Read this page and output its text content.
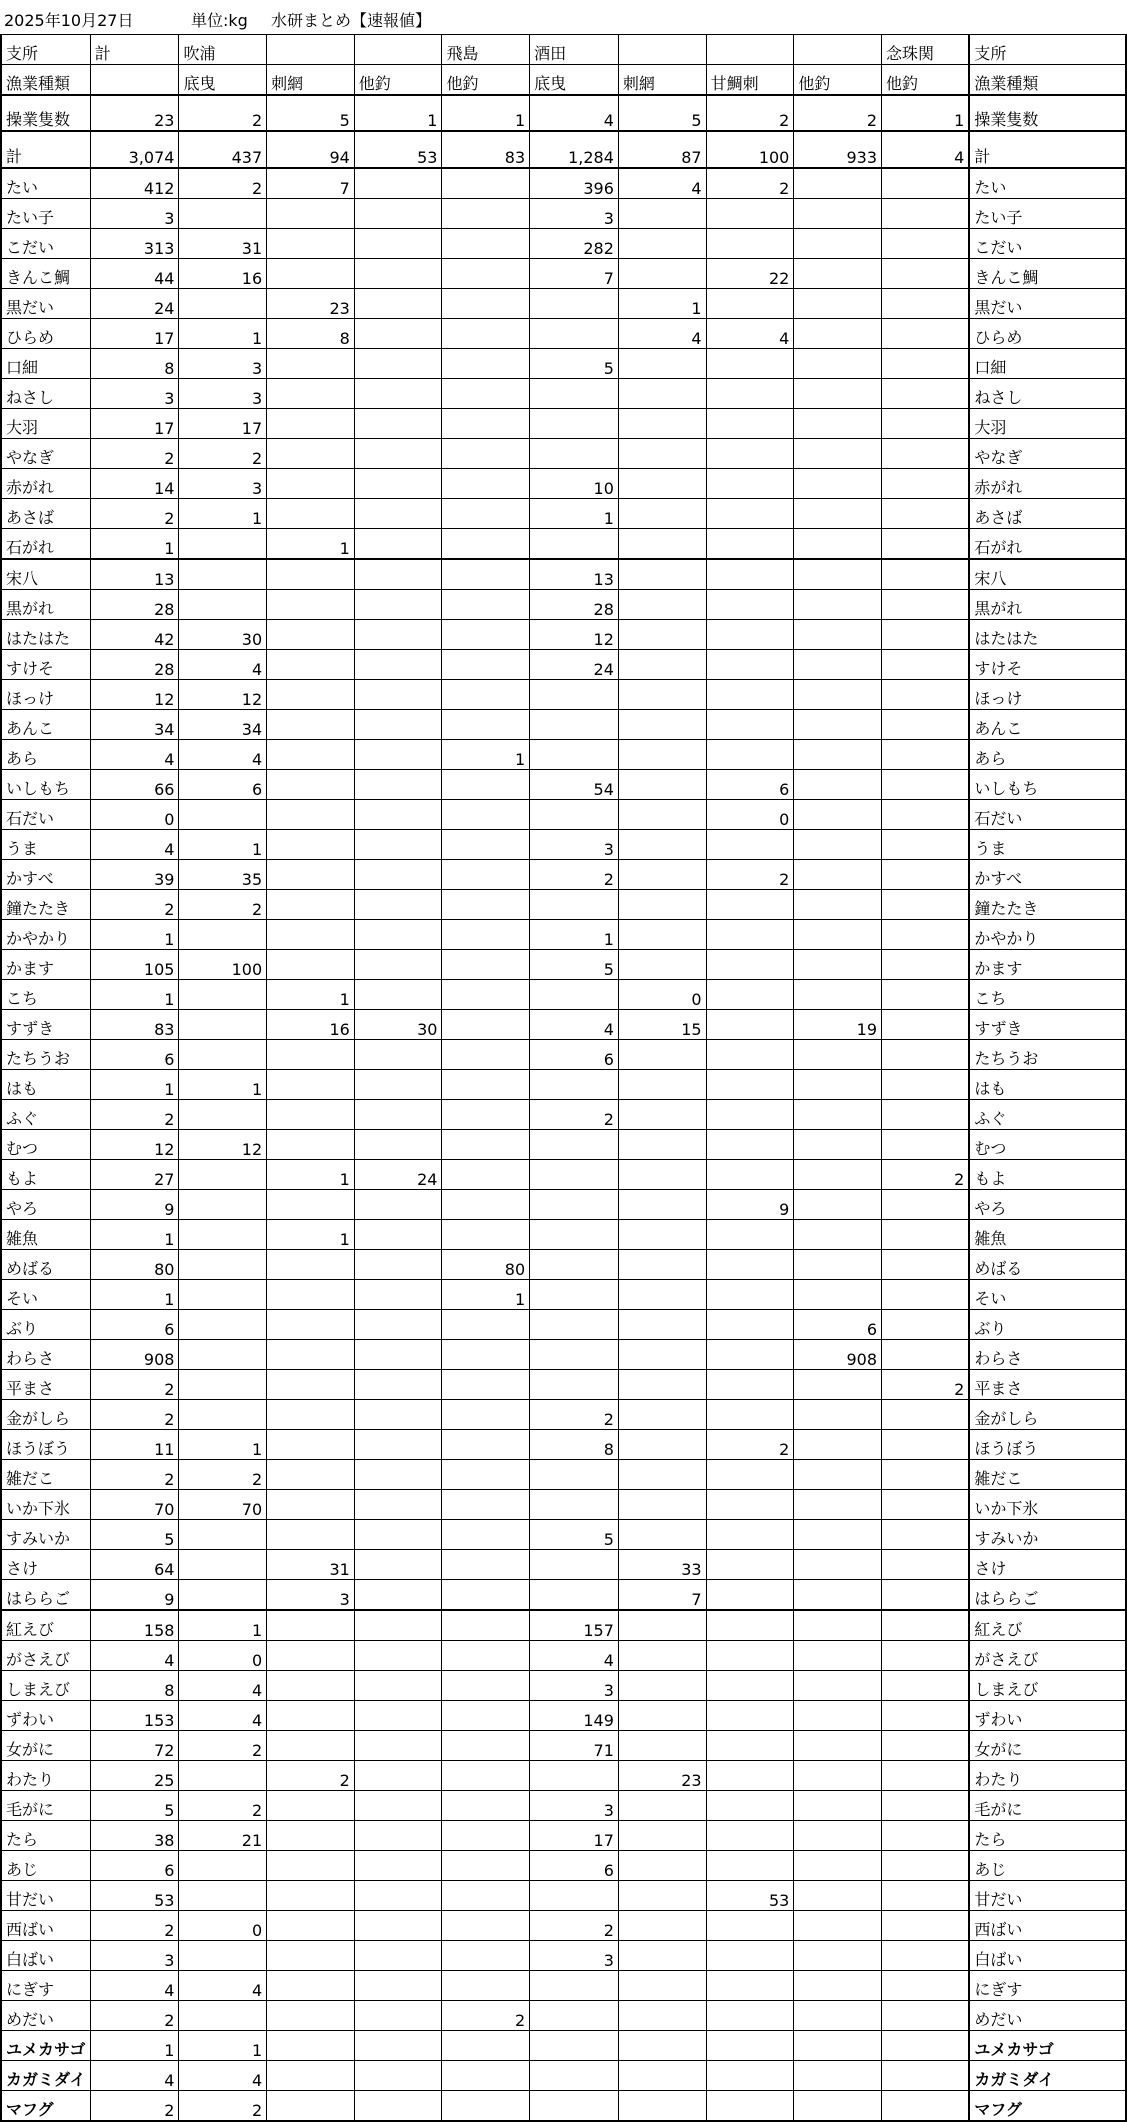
支所	計	吹浦			飛島	酒田				念珠関	支所
漁業種類		底曳	刺網	他釣	他釣	底曳	刺網	甘鯛刺	他釣	他釣	漁業種類
操業隻数	23	2	5	1	1	4	5	2	2	1	操業隻数
計	3,074	437	94	53	83	1,284	87	100	933	4	計
たい	412	2	7			396	4	2			たい
たい子	3					3					たい子
こだい	313	31				282					こだい
きんこ鯛	44	16				7		22			きんこ鯛
黒だい	24		23				1				黒だい
ひらめ	17	1	8				4	4			ひらめ
口細	8	3				5					口細
ねさし	3	3									ねさし
大羽	17	17									大羽
やなぎ	2	2									やなぎ
赤がれ	14	3				10					赤がれ
あさば	2	1				1					あさば
石がれ	1		1								石がれ
宋八	13					13					宋八
黒がれ	28					28					黒がれ
はたはた	42	30				12					はたはた
すけそ	28	4				24					すけそ
ほっけ	12	12									ほっけ
あんこ	34	34									あんこ
あら	4	4			1						あら
いしもち	66	6				54		6			いしもち
石だい	0							0			石だい
うま	4	1				3					うま
かすべ	39	35				2		2			かすべ
鐘たたき	2	2									鐘たたき
かやかり	1					1					かやかり
かます	105	100				5					かます
こち	1		1				0				こち
すずき	83		16	30		4	15		19		すずき
たちうお	6					6					たちうお
はも	1	1									はも
ふぐ	2					2					ふぐ
むつ	12	12									むつ
もよ	27		1	24						2	もよ
やろ	9							9			やろ
雑魚	1		1								雑魚
めばる	80				80						めばる
そい	1				1						そい
ぶり	6								6		ぶり
わらさ	908								908		わらさ
平まさ	2									2	平まさ
金がしら	2					2					金がしら
ほうぼう	11	1				8		2			ほうぼう
雑だこ	2	2									雑だこ
いか下氷	70	70									いか下氷
すみいか	5					5					すみいか
さけ	64		31				33				さけ
はららご	9		3				7				はららご
紅えび	158	1				157					紅えび
がさえび	4	0				4					がさえび
しまえび	8	4				3					しまえび
ずわい	153	4				149					ずわい
女がに	72	2				71					女がに
わたり	25		2				23				わたり
毛がに	5	2				3					毛がに
たら	38	21				17					たら
あじ	6					6					あじ
甘だい	53							53			甘だい
西ばい	2	0				2					西ばい
白ばい	3					3					白ばい
にぎす	4	4									にぎす
めだい	2				2						めだい
ユメカサゴ	1	1									ユメカサゴ
カガミダイ	4	4									カガミダイ
マフグ	2	2									マフグ
2025年10月27日	単位:kg 水研まとめ【速報値】
